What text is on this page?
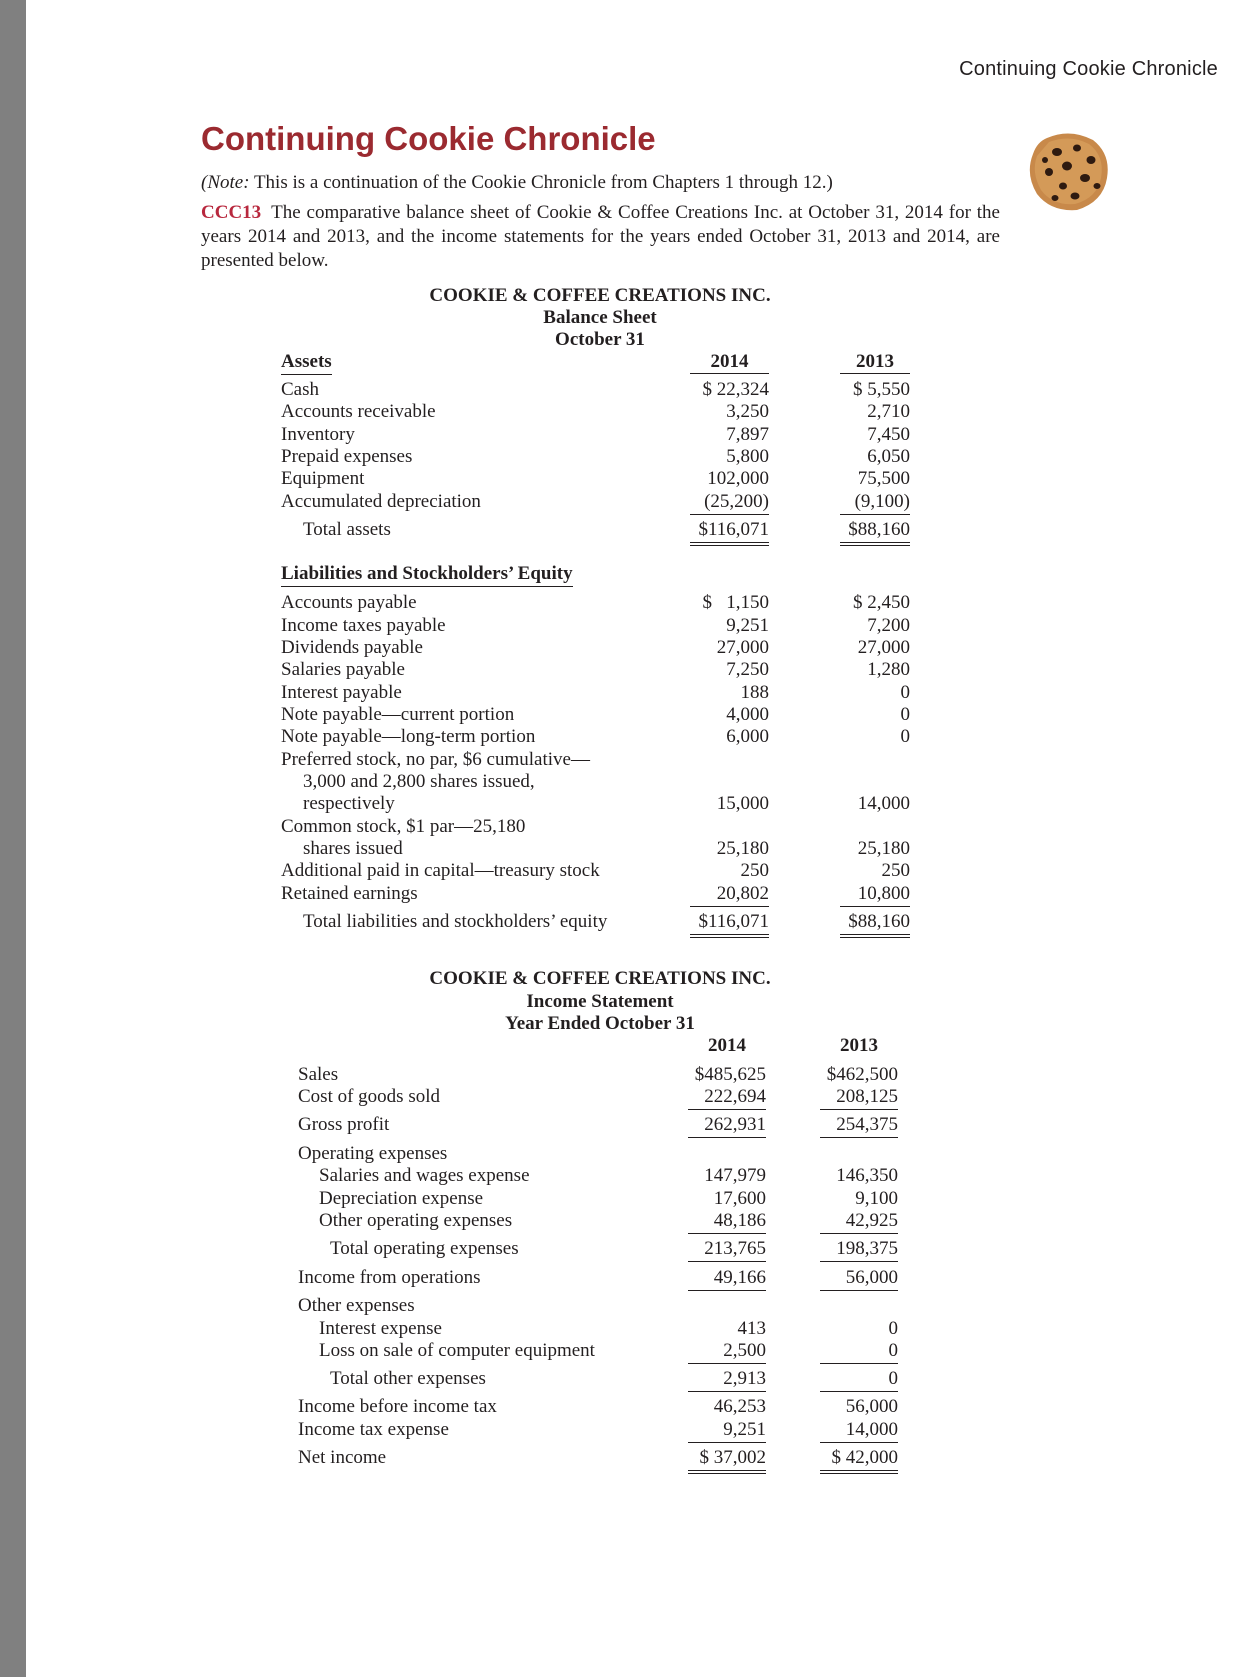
Continuing Cookie Chronicle
Continuing Cookie Chronicle

(Note: This is a continuation of the Cookie Chronicle from Chapters 1 through 12.)

CCC13 The comparative balance sheet of Cookie & Coffee Creations Inc. at October 31, 2014 for the years 2014 and 2013, and the income statements for the years ended October 31, 2013 and 2014, are presented below.

COOKIE & COFFEE CREATIONS INC.
Balance Sheet
October 31
Assets	2014	2013
Cash	$ 22,324	$ 5,550
Accounts receivable	3,250	2,710
Inventory	7,897	7,450
Prepaid expenses	5,800	6,050
Equipment	102,000	75,500
Accumulated depreciation	(25,200)	(9,100)
Total assets	$116,071	$88,160
Accounts payable	$   1,150	$ 2,450
Income taxes payable	9,251	7,200
Dividends payable	27,000	27,000
Salaries payable	7,250	1,280
Interest payable	188	0
Note payable—current portion	4,000	0
Note payable—long-term portion	6,000	0
Preferred stock, no par, $6 cumulative—
3,000 and 2,800 shares issued,
respectively	15,000	14,000
Common stock, $1 par—25,180
shares issued	25,180	25,180
Additional paid in capital—treasury stock	250	250
Retained earnings	20,802	10,800
Total liabilities and stockholders’ equity	$116,071	$88,160
Liabilities and Stockholders’ Equity
COOKIE & COFFEE CREATIONS INC.
Income Statement
Year Ended October 31
2014	2013
Sales	$485,625	$462,500
Cost of goods sold	222,694	208,125
Gross profit	262,931	254,375
Operating expenses
Salaries and wages expense	147,979	146,350
Depreciation expense	17,600	9,100
Other operating expenses	48,186	42,925
Total operating expenses	213,765	198,375
Income from operations	49,166	56,000
Other expenses
Interest expense	413	0
Loss on sale of computer equipment	2,500	0
Total other expenses	2,913	0
Income before income tax	46,253	56,000
Income tax expense	9,251	14,000
Net income	$ 37,002	$ 42,000
